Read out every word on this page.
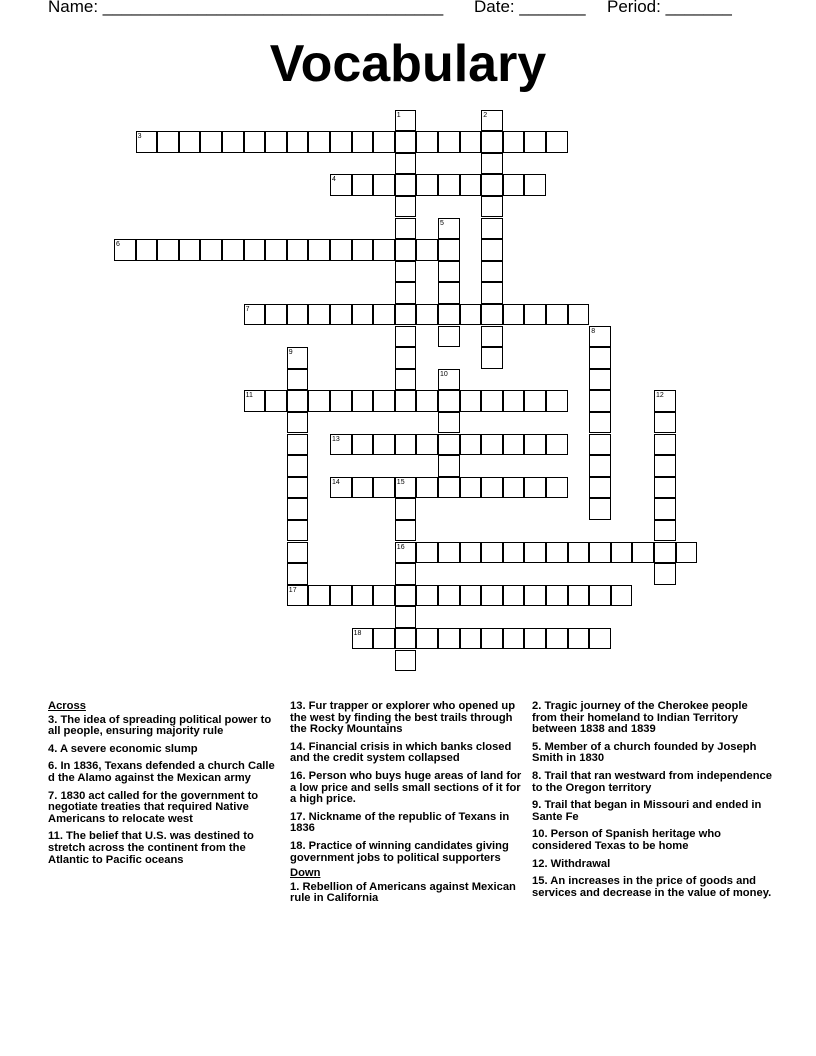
Name: ____________________________________ Date: _______ Period: _______
Vocabulary
3
4
6
7
11
13
14
16
17
18
1	2
5
8
9
10
12
15
Across
3. The idea of spreading political power to all people, ensuring majority rule
4. A severe economic slump
6. In 1836, Texans defended a church Calle d the Alamo against the Mexican army
7. 1830 act called for the government to negotiate treaties that required Native Americans to relocate west
11. The belief that U.S. was destined to stretch across the continent from the Atlantic to Pacific oceans
13. Fur trapper or explorer who opened up the west by finding the best trails through the Rocky Mountains
14. Financial crisis in which banks closed and the credit system collapsed
16. Person who buys huge areas of land for a low price and sells small sections of it for a high price.
17. Nickname of the republic of Texans in 1836
18. Practice of winning candidates giving government jobs to political supporters
Down
1. Rebellion of Americans against Mexican rule in California
2. Tragic journey of the Cherokee people from their homeland to Indian Territory between 1838 and 1839
5. Member of a church founded by Joseph Smith in 1830
8. Trail that ran westward from independence to the Oregon territory
9. Trail that began in Missouri and ended in Sante Fe
10. Person of Spanish heritage who considered Texas to be home
12. Withdrawal
15. An increases in the price of goods and services and decrease in the value of money.
